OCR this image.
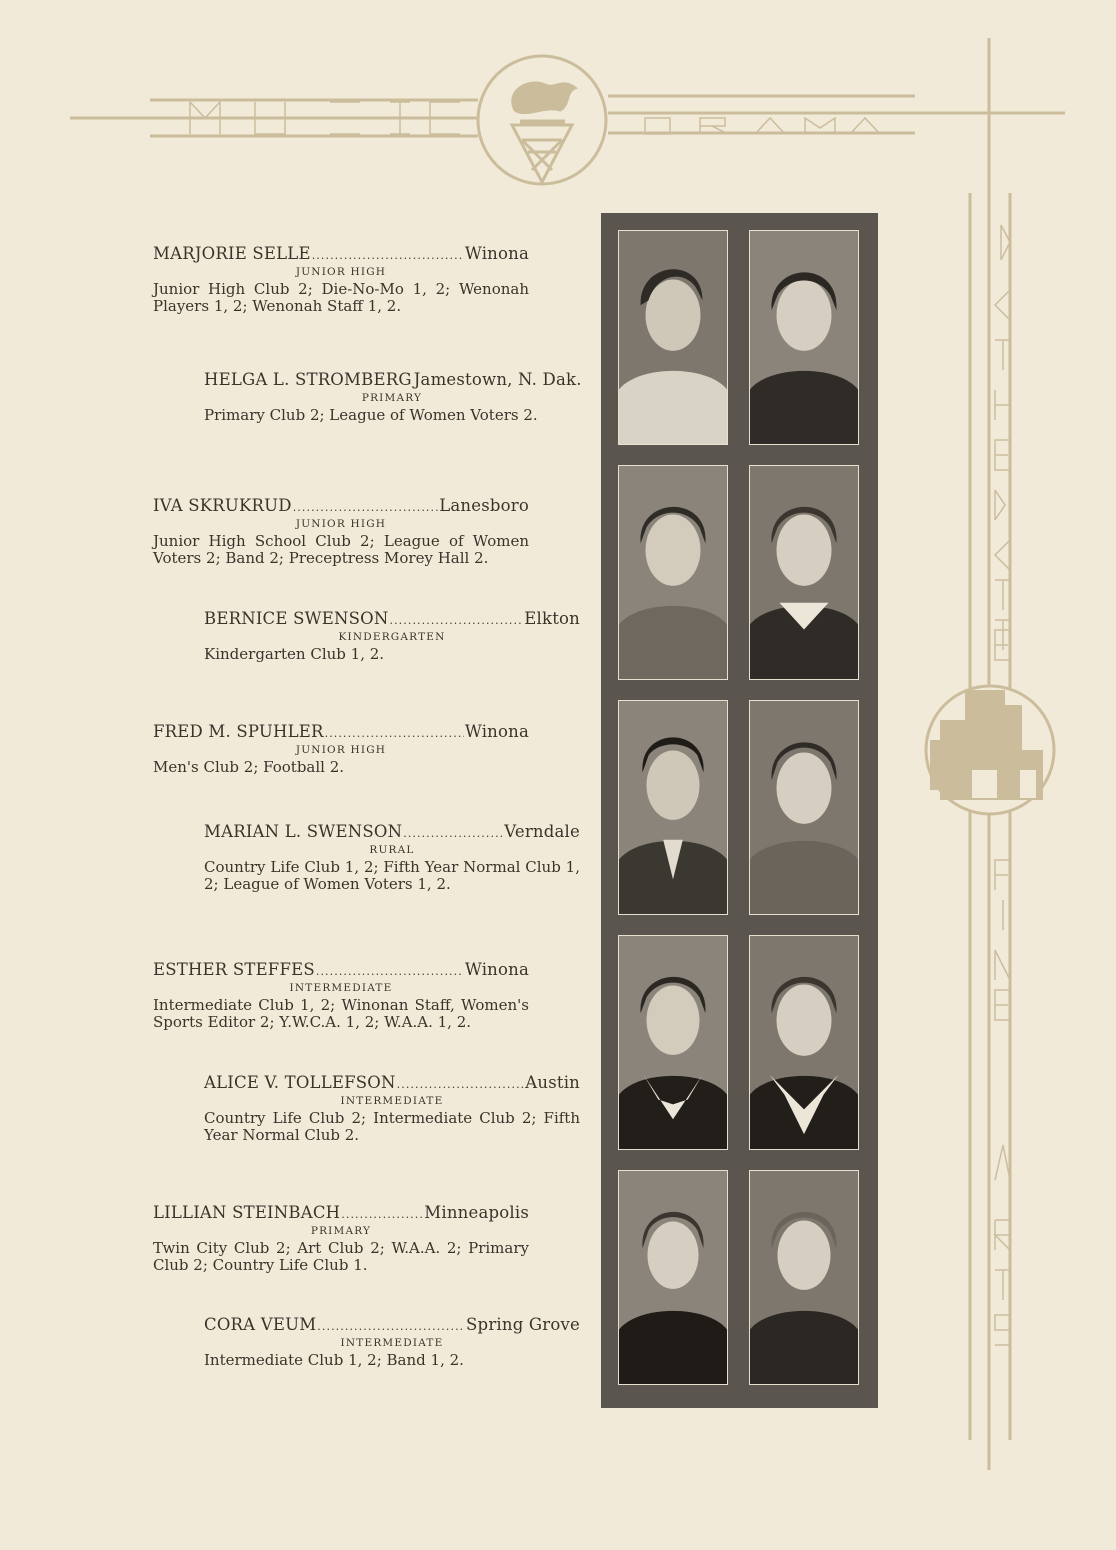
MARJORIE SELLE . . .	Winona
JUNIOR HIGH
Junior High Club 2; Die-No-Mo 1, 2; Wenonah Players 1, 2; Wenonah Staff 1, 2.
HELGA L. STROMBERG Jamestown, N. Dak.
PRIMARY
Primary Club 2; League of Women Voters 2.
IVA SKRUKRUD . . .	Lanesboro
JUNIOR HIGH
Junior High School Club 2; League of Women Voters 2; Band 2; Preceptress Morey Hall 2.
BERNICE SWENSON . . .	Elkton
KINDERGARTEN
Kindergarten Club 1, 2.
FRED M. SPUHLER . . .	Winona
JUNIOR HIGH
Men's Club 2; Football 2.
MARIAN L. SWENSON . . .	Verndale
RURAL
Country Life Club 1, 2; Fifth Year Normal Club 1, 2; League of Women Voters 1, 2.
ESTHER STEFFES . . .	Winona
INTERMEDIATE
Intermediate Club 1, 2; Winonan Staff, Women's Sports Editor 2; Y.W.C.A. 1, 2; W.A.A. 1, 2.
ALICE V. TOLLEFSON . . .	Austin
INTERMEDIATE
Country Life Club 2; Intermediate Club 2; Fifth Year Normal Club 2.
LILLIAN STEINBACH . . .	Minneapolis
PRIMARY
Twin City Club 2; Art Club 2; W.A.A. 2; Primary Club 2; Country Life Club 1.
CORA VEUM . . .	Spring Grove
INTERMEDIATE
Intermediate Club 1, 2; Band 1, 2.
